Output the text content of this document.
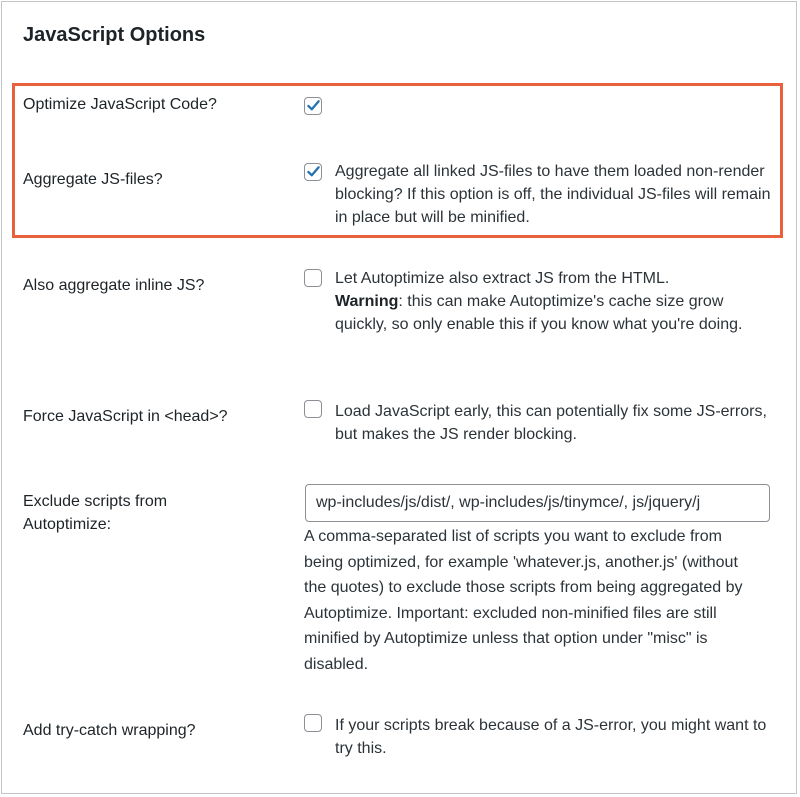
JavaScript Options
Optimize JavaScript Code?
Aggregate JS-files?	Aggregate all linked JS-files to have them loaded non-render blocking? If this option is off, the individual JS-files will remain in place but will be minified.
Also aggregate inline JS?	Let Autoptimize also extract JS from the HTML.
Warning: this can make Autoptimize's cache size grow quickly, so only enable this if you know what you're doing.
Force JavaScript in <head>?	Load JavaScript early, this can potentially fix some JS-errors, but makes the JS render blocking.
Exclude scripts from Autoptimize:
wp-includes/js/dist/, wp-includes/js/tinymce/, js/jquery/j
A comma-separated list of scripts you want to exclude from being optimized, for example 'whatever.js, another.js' (without the quotes) to exclude those scripts from being aggregated by Autoptimize. Important: excluded non-minified files are still minified by Autoptimize unless that option under "misc" is disabled.
Add try-catch wrapping?	If your scripts break because of a JS-error, you might want to try this.
